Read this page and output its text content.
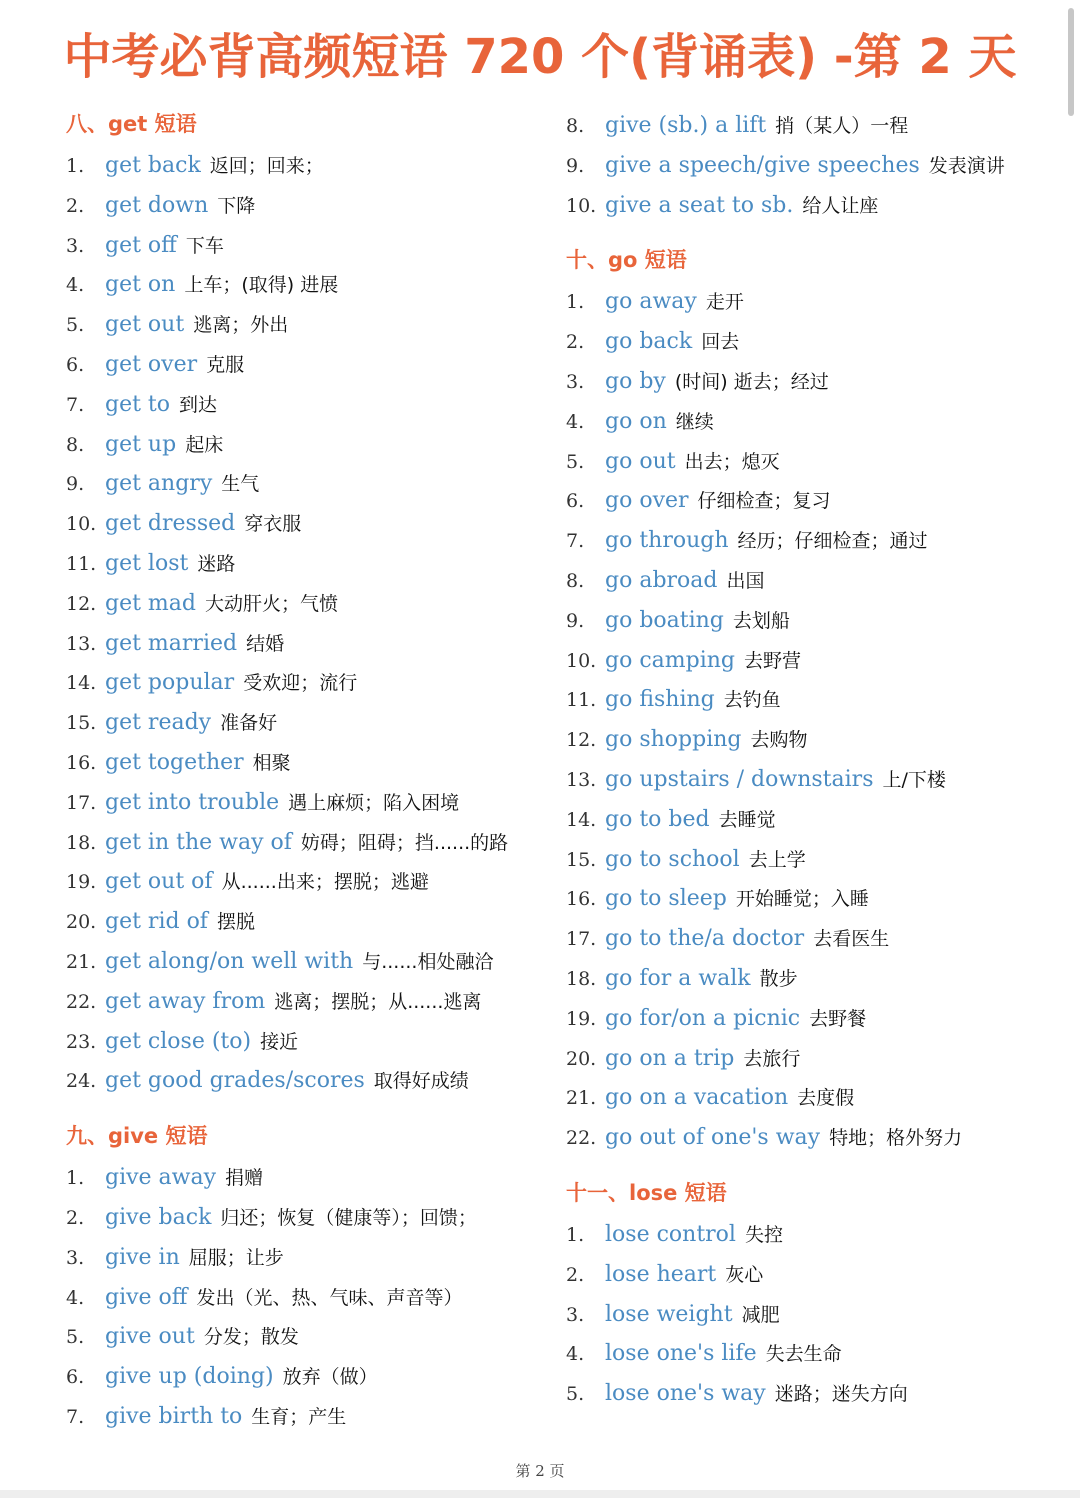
中考必背高频短语 720 个(背诵表) -第 2 天
八、get 短语
1. get back 返回；回来；
2. get down 下降
3. get off 下车
4. get on 上车；(取得) 进展
5. get out 逃离；外出
6. get over 克服
7. get to 到达
8. get up 起床
9. get angry 生气
10. get dressed 穿衣服
11. get lost 迷路
12. get mad 大动肝火；气愤
13. get married 结婚
14. get popular 受欢迎；流行
15. get ready 准备好
16. get together 相聚
17. get into trouble 遇上麻烦；陷入困境
18. get in the way of 妨碍；阻碍；挡......的路
19. get out of 从......出来；摆脱；逃避
20. get rid of 摆脱
21. get along/on well with 与......相处融洽
22. get away from 逃离；摆脱；从......逃离
23. get close (to) 接近
24. get good grades/scores 取得好成绩
九、give 短语
1. give away 捐赠
2. give back 归还；恢复（健康等）；回馈；
3. give in 屈服；让步
4. give off 发出（光、热、气味、声音等）
5. give out 分发；散发
6. give up (doing) 放弃（做）
7. give birth to 生育；产生
8. give (sb.) a lift 捎（某人）一程
9. give a speech/give speeches 发表演讲
10. give a seat to sb. 给人让座
十、go 短语
1. go away 走开
2. go back 回去
3. go by (时间) 逝去；经过
4. go on 继续
5. go out 出去；熄灭
6. go over 仔细检查；复习
7. go through 经历；仔细检查；通过
8. go abroad 出国
9. go boating 去划船
10. go camping 去野营
11. go fishing 去钓鱼
12. go shopping 去购物
13. go upstairs / downstairs 上/下楼
14. go to bed 去睡觉
15. go to school 去上学
16. go to sleep 开始睡觉；入睡
17. go to the/a doctor 去看医生
18. go for a walk 散步
19. go for/on a picnic 去野餐
20. go on a trip 去旅行
21. go on a vacation 去度假
22. go out of one's way 特地；格外努力
十一、lose 短语
1. lose control 失控
2. lose heart 灰心
3. lose weight 减肥
4. lose one's life 失去生命
5. lose one's way 迷路；迷失方向
第 2 页
